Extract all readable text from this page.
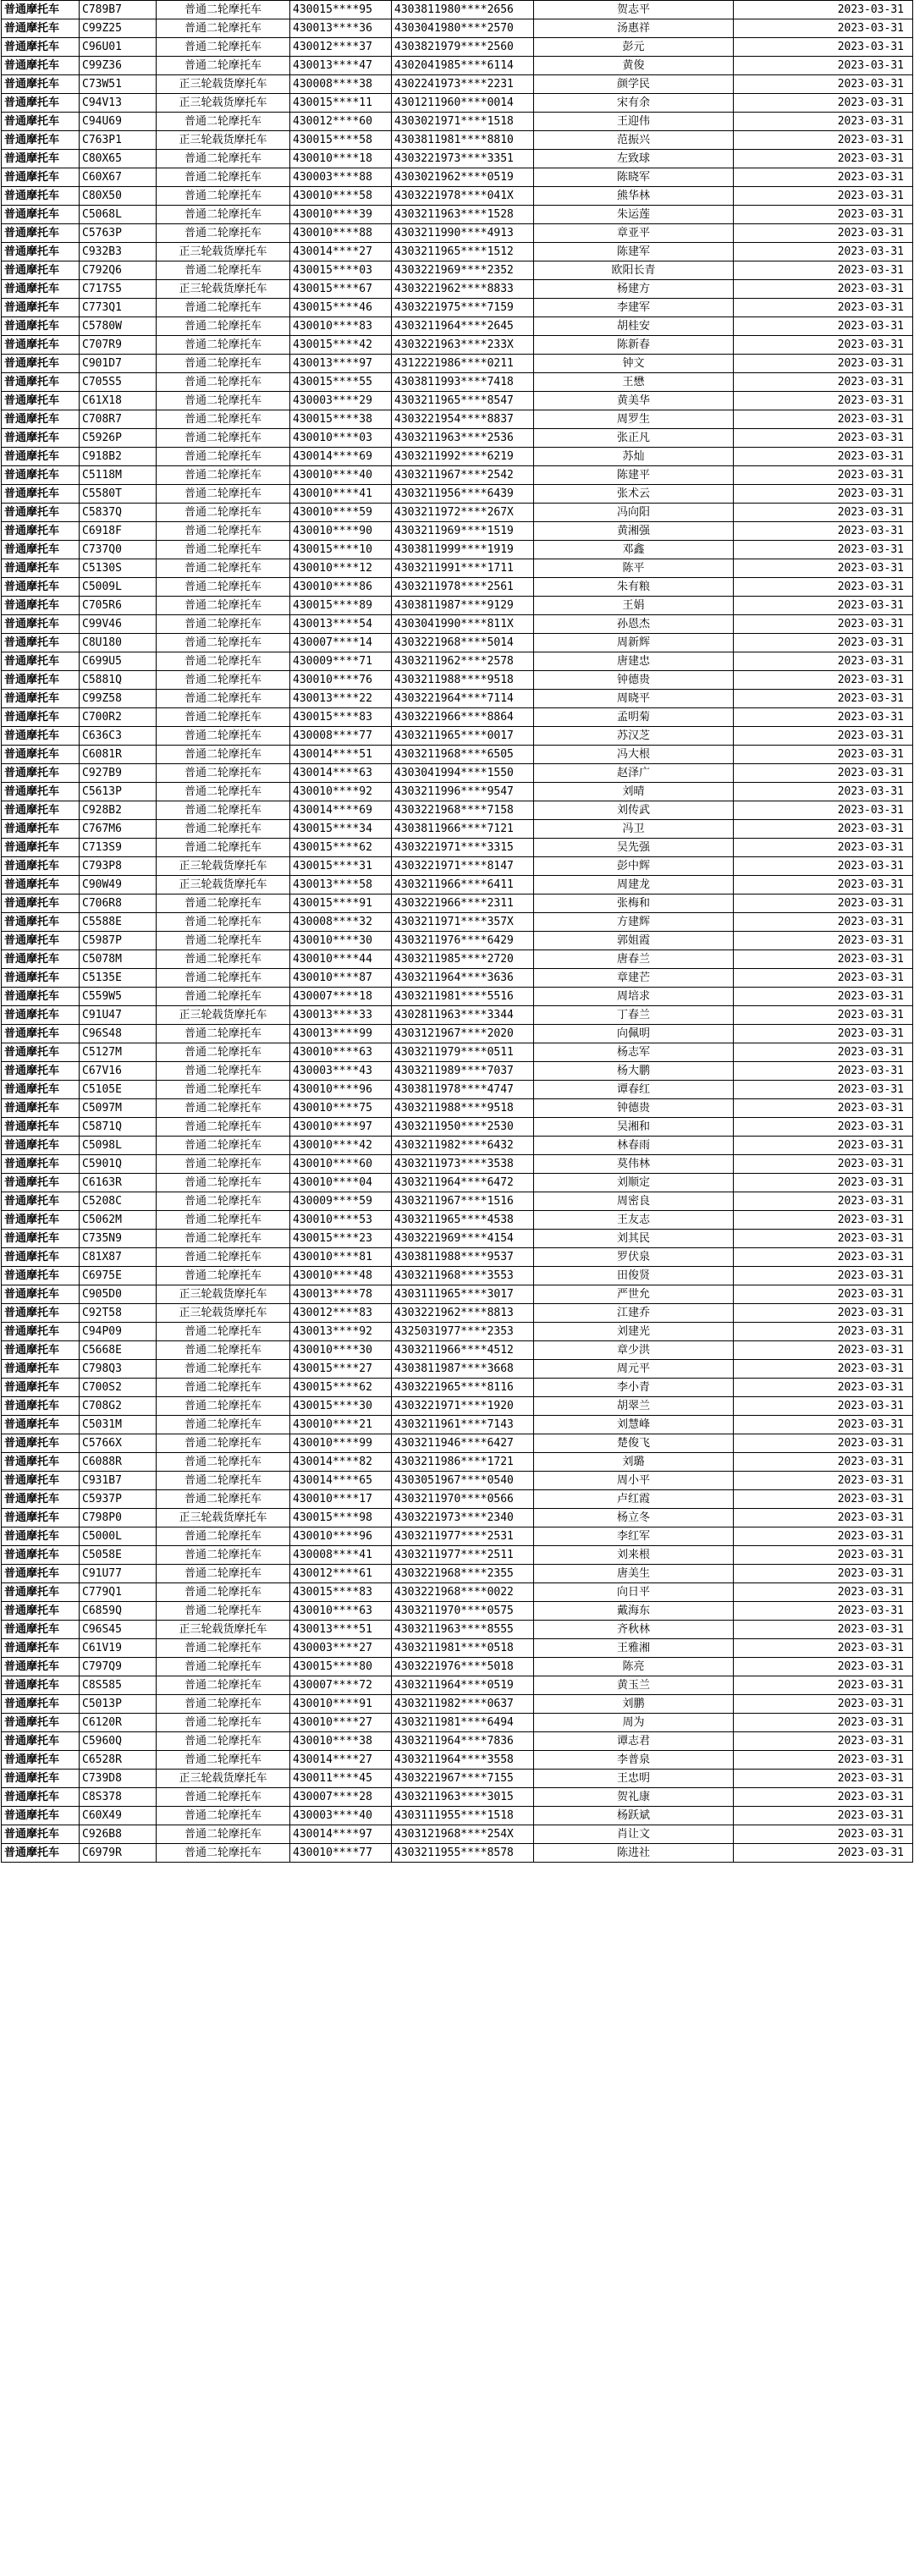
普通摩托车	C789B7	普通二轮摩托车	430015****95	4303811980****2656	贺志平	2023-03-31
普通摩托车	C99Z25	普通二轮摩托车	430013****36	4303041980****2570	汤惠祥	2023-03-31
普通摩托车	C96U01	普通二轮摩托车	430012****37	4303821979****2560	彭元	2023-03-31
普通摩托车	C99Z36	普通二轮摩托车	430013****47	4302041985****6114	黄俊	2023-03-31
普通摩托车	C73W51	正三轮载货摩托车	430008****38	4302241973****2231	颜学民	2023-03-31
普通摩托车	C94V13	正三轮载货摩托车	430015****11	4301211960****0014	宋有余	2023-03-31
普通摩托车	C94U69	普通二轮摩托车	430012****60	4303021971****1518	王迎伟	2023-03-31
普通摩托车	C763P1	正三轮载货摩托车	430015****58	4303811981****8810	范振兴	2023-03-31
普通摩托车	C80X65	普通二轮摩托车	430010****18	4303221973****3351	左致球	2023-03-31
普通摩托车	C60X67	普通二轮摩托车	430003****88	4303021962****0519	陈晓军	2023-03-31
普通摩托车	C80X50	普通二轮摩托车	430010****58	4303221978****041X	熊华林	2023-03-31
普通摩托车	C5068L	普通二轮摩托车	430010****39	4303211963****1528	朱运莲	2023-03-31
普通摩托车	C5763P	普通二轮摩托车	430010****88	4303211990****4913	章亚平	2023-03-31
普通摩托车	C932B3	正三轮载货摩托车	430014****27	4303211965****1512	陈建军	2023-03-31
普通摩托车	C792Q6	普通二轮摩托车	430015****03	4303221969****2352	欧阳长青	2023-03-31
普通摩托车	C717S5	正三轮载货摩托车	430015****67	4303221962****8833	杨建方	2023-03-31
普通摩托车	C773Q1	普通二轮摩托车	430015****46	4303221975****7159	李建军	2023-03-31
普通摩托车	C5780W	普通二轮摩托车	430010****83	4303211964****2645	胡桂安	2023-03-31
普通摩托车	C707R9	普通二轮摩托车	430015****42	4303221963****233X	陈新春	2023-03-31
普通摩托车	C901D7	普通二轮摩托车	430013****97	4312221986****0211	钟文	2023-03-31
普通摩托车	C705S5	普通二轮摩托车	430015****55	4303811993****7418	王懋	2023-03-31
普通摩托车	C61X18	普通二轮摩托车	430003****29	4303211965****8547	黄美华	2023-03-31
普通摩托车	C708R7	普通二轮摩托车	430015****38	4303221954****8837	周罗生	2023-03-31
普通摩托车	C5926P	普通二轮摩托车	430010****03	4303211963****2536	张正凡	2023-03-31
普通摩托车	C918B2	普通二轮摩托车	430014****69	4303211992****6219	苏灿	2023-03-31
普通摩托车	C5118M	普通二轮摩托车	430010****40	4303211967****2542	陈建平	2023-03-31
普通摩托车	C5580T	普通二轮摩托车	430010****41	4303211956****6439	张术云	2023-03-31
普通摩托车	C5837Q	普通二轮摩托车	430010****59	4303211972****267X	冯向阳	2023-03-31
普通摩托车	C6918F	普通二轮摩托车	430010****90	4303211969****1519	黄湘强	2023-03-31
普通摩托车	C737Q0	普通二轮摩托车	430015****10	4303811999****1919	邓鑫	2023-03-31
普通摩托车	C5130S	普通二轮摩托车	430010****12	4303211991****1711	陈平	2023-03-31
普通摩托车	C5009L	普通二轮摩托车	430010****86	4303211978****2561	朱有粮	2023-03-31
普通摩托车	C705R6	普通二轮摩托车	430015****89	4303811987****9129	王娟	2023-03-31
普通摩托车	C99V46	普通二轮摩托车	430013****54	4303041990****811X	孙恩杰	2023-03-31
普通摩托车	C8U180	普通二轮摩托车	430007****14	4303221968****5014	周新辉	2023-03-31
普通摩托车	C699U5	普通二轮摩托车	430009****71	4303211962****2578	唐建忠	2023-03-31
普通摩托车	C5881Q	普通二轮摩托车	430010****76	4303211988****9518	钟德贵	2023-03-31
普通摩托车	C99Z58	普通二轮摩托车	430013****22	4303221964****7114	周晓平	2023-03-31
普通摩托车	C700R2	普通二轮摩托车	430015****83	4303221966****8864	孟明菊	2023-03-31
普通摩托车	C636C3	普通二轮摩托车	430008****77	4303211965****0017	苏汉芝	2023-03-31
普通摩托车	C6081R	普通二轮摩托车	430014****51	4303211968****6505	冯大根	2023-03-31
普通摩托车	C927B9	普通二轮摩托车	430014****63	4303041994****1550	赵泽广	2023-03-31
普通摩托车	C5613P	普通二轮摩托车	430010****92	4303211996****9547	刘晴	2023-03-31
普通摩托车	C928B2	普通二轮摩托车	430014****69	4303221968****7158	刘传武	2023-03-31
普通摩托车	C767M6	普通二轮摩托车	430015****34	4303811966****7121	冯卫	2023-03-31
普通摩托车	C713S9	普通二轮摩托车	430015****62	4303221971****3315	吴先强	2023-03-31
普通摩托车	C793P8	正三轮载货摩托车	430015****31	4303221971****8147	彭中辉	2023-03-31
普通摩托车	C90W49	正三轮载货摩托车	430013****58	4303211966****6411	周建龙	2023-03-31
普通摩托车	C706R8	普通二轮摩托车	430015****91	4303221966****2311	张梅和	2023-03-31
普通摩托车	C5588E	普通二轮摩托车	430008****32	4303211971****357X	方建辉	2023-03-31
普通摩托车	C5987P	普通二轮摩托车	430010****30	4303211976****6429	郭姐霞	2023-03-31
普通摩托车	C5078M	普通二轮摩托车	430010****44	4303211985****2720	唐春兰	2023-03-31
普通摩托车	C5135E	普通二轮摩托车	430010****87	4303211964****3636	章建芒	2023-03-31
普通摩托车	C559W5	普通二轮摩托车	430007****18	4303211981****5516	周培求	2023-03-31
普通摩托车	C91U47	正三轮载货摩托车	430013****33	4302811963****3344	丁春兰	2023-03-31
普通摩托车	C96S48	普通二轮摩托车	430013****99	4303121967****2020	向佩明	2023-03-31
普通摩托车	C5127M	普通二轮摩托车	430010****63	4303211979****0511	杨志军	2023-03-31
普通摩托车	C67V16	普通二轮摩托车	430003****43	4303211989****7037	杨大鹏	2023-03-31
普通摩托车	C5105E	普通二轮摩托车	430010****96	4303811978****4747	谭春红	2023-03-31
普通摩托车	C5097M	普通二轮摩托车	430010****75	4303211988****9518	钟德贵	2023-03-31
普通摩托车	C5871Q	普通二轮摩托车	430010****97	4303211950****2530	吴湘和	2023-03-31
普通摩托车	C5098L	普通二轮摩托车	430010****42	4303211982****6432	林春雨	2023-03-31
普通摩托车	C5901Q	普通二轮摩托车	430010****60	4303211973****3538	莫伟林	2023-03-31
普通摩托车	C6163R	普通二轮摩托车	430010****04	4303211964****6472	刘顺定	2023-03-31
普通摩托车	C5208C	普通二轮摩托车	430009****59	4303211967****1516	周密良	2023-03-31
普通摩托车	C5062M	普通二轮摩托车	430010****53	4303211965****4538	王友志	2023-03-31
普通摩托车	C735N9	普通二轮摩托车	430015****23	4303221969****4154	刘其民	2023-03-31
普通摩托车	C81X87	普通二轮摩托车	430010****81	4303811988****9537	罗伏泉	2023-03-31
普通摩托车	C6975E	普通二轮摩托车	430010****48	4303211968****3553	田俊贤	2023-03-31
普通摩托车	C905D0	正三轮载货摩托车	430013****78	4303111965****3017	严世允	2023-03-31
普通摩托车	C92T58	正三轮载货摩托车	430012****83	4303221962****8813	江建乔	2023-03-31
普通摩托车	C94P09	普通二轮摩托车	430013****92	4325031977****2353	刘建光	2023-03-31
普通摩托车	C5668E	普通二轮摩托车	430010****30	4303211966****4512	章少洪	2023-03-31
普通摩托车	C798Q3	普通二轮摩托车	430015****27	4303811987****3668	周元平	2023-03-31
普通摩托车	C700S2	普通二轮摩托车	430015****62	4303221965****8116	李小青	2023-03-31
普通摩托车	C708G2	普通二轮摩托车	430015****30	4303221971****1920	胡翠兰	2023-03-31
普通摩托车	C5031M	普通二轮摩托车	430010****21	4303211961****7143	刘慧峰	2023-03-31
普通摩托车	C5766X	普通二轮摩托车	430010****99	4303211946****6427	楚俊飞	2023-03-31
普通摩托车	C6088R	普通二轮摩托车	430014****82	4303211986****1721	刘璐	2023-03-31
普通摩托车	C931B7	普通二轮摩托车	430014****65	4303051967****0540	周小平	2023-03-31
普通摩托车	C5937P	普通二轮摩托车	430010****17	4303211970****0566	卢红霞	2023-03-31
普通摩托车	C798P0	正三轮载货摩托车	430015****98	4303221973****2340	杨立冬	2023-03-31
普通摩托车	C5000L	普通二轮摩托车	430010****96	4303211977****2531	李红军	2023-03-31
普通摩托车	C5058E	普通二轮摩托车	430008****41	4303211977****2511	刘来根	2023-03-31
普通摩托车	C91U77	普通二轮摩托车	430012****61	4303221968****2355	唐美生	2023-03-31
普通摩托车	C779Q1	普通二轮摩托车	430015****83	4303221968****0022	向日平	2023-03-31
普通摩托车	C6859Q	普通二轮摩托车	430010****63	4303211970****0575	戴海东	2023-03-31
普通摩托车	C96S45	正三轮载货摩托车	430013****51	4303211963****8555	齐秋林	2023-03-31
普通摩托车	C61V19	普通二轮摩托车	430003****27	4303211981****0518	王雅湘	2023-03-31
普通摩托车	C797Q9	普通二轮摩托车	430015****80	4303221976****5018	陈亮	2023-03-31
普通摩托车	C8S585	普通二轮摩托车	430007****72	4303211964****0519	黄玉兰	2023-03-31
普通摩托车	C5013P	普通二轮摩托车	430010****91	4303211982****0637	刘鹏	2023-03-31
普通摩托车	C6120R	普通二轮摩托车	430010****27	4303211981****6494	周为	2023-03-31
普通摩托车	C5960Q	普通二轮摩托车	430010****38	4303211964****7836	谭志君	2023-03-31
普通摩托车	C6528R	普通二轮摩托车	430014****27	4303211964****3558	李普泉	2023-03-31
普通摩托车	C739D8	正三轮载货摩托车	430011****45	4303221967****7155	王忠明	2023-03-31
普通摩托车	C8S378	普通二轮摩托车	430007****28	4303211963****3015	贺礼康	2023-03-31
普通摩托车	C60X49	普通二轮摩托车	430003****40	4303111955****1518	杨跃斌	2023-03-31
普通摩托车	C926B8	普通二轮摩托车	430014****97	4303121968****254X	肖让文	2023-03-31
普通摩托车	C6979R	普通二轮摩托车	430010****77	4303211955****8578	陈进社	2023-03-31
